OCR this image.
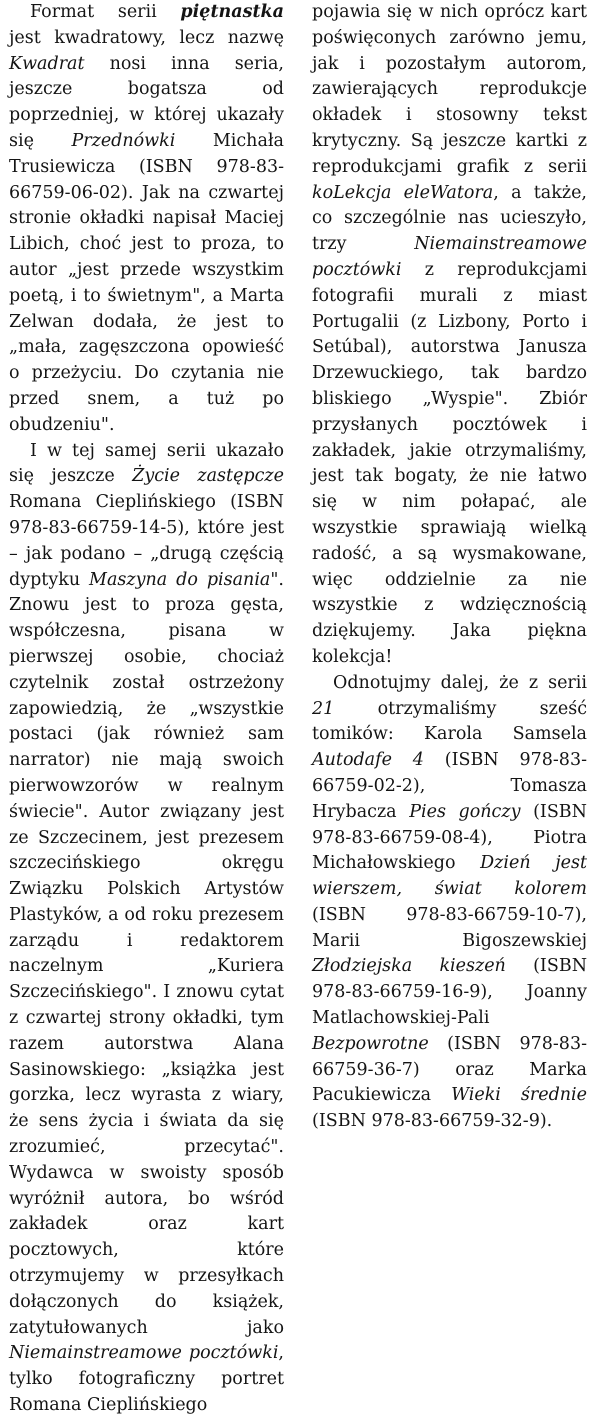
Format serii piętnastka jest kwadratowy, lecz nazwę Kwadrat nosi inna seria, jeszcze bogatsza od poprzedniej, w której ukazały się Przednówki Michała Trusiewicza (ISBN 978-83-66759-06-02). Jak na czwartej stronie okładki napisał Maciej Libich, choć jest to proza, to autor „jest przede wszystkim poetą, i to świetnym", a Marta Zelwan dodała, że jest to „mała, zagęszczona opowieść o przeżyciu. Do czytania nie przed snem, a tuż po obudzeniu".

I w tej samej serii ukazało się jeszcze Życie zastępcze Romana Cieplińskiego (ISBN 978-83-66759-14-5), które jest – jak podano – „drugą częścią dyptyku Maszyna do pisania". Znowu jest to proza gęsta, współczesna, pisana w pierwszej osobie, chociaż czytelnik został ostrzeżony zapowiedzią, że „wszystkie postaci (jak również sam narrator) nie mają swoich pierwowzorów w realnym świecie". Autor związany jest ze Szczecinem, jest prezesem szczecińskiego okręgu Związku Polskich Artystów Plastyków, a od roku prezesem zarządu i redaktorem naczelnym „Kuriera Szczecińskiego". I znowu cytat z czwartej strony okładki, tym razem autorstwa Alana Sasinowskiego: „książka jest gorzka, lecz wyrasta z wiary, że sens życia i świata da się zrozumieć, przecytać". Wydawca w swoisty sposób wyróżnił autora, bo wśród zakładek oraz kart pocztowych, które otrzymujemy w przesyłkach dołączonych do książek, zatytułowanych jako Niemainstreamowe pocztówki, tylko fotograficzny portret Romana Cieplińskiego

pojawia się w nich oprócz kart poświęconych zarówno jemu, jak i pozostałym autorom, zawierających reprodukcje okładek i stosowny tekst krytyczny. Są jeszcze kartki z reprodukcjami grafik z serii koLekcja eleWatora, a także, co szczególnie nas ucieszyło, trzy Niemainstreamowe pocztówki z reprodukcjami fotografii murali z miast Portugalii (z Lizbony, Porto i Setúbal), autorstwa Janusza Drzewuckiego, tak bardzo bliskiego „Wyspie". Zbiór przysłanych pocztówek i zakładek, jakie otrzymaliśmy, jest tak bogaty, że nie łatwo się w nim połapać, ale wszystkie sprawiają wielką radość, a są wysmakowane, więc oddzielnie za nie wszystkie z wdzięcznością dziękujemy. Jaka piękna kolekcja!

Odnotujmy dalej, że z serii 21 otrzymaliśmy sześć tomików: Karola Samsela Autodafe 4 (ISBN 978-83-66759-02-2), Tomasza Hrybacza Pies gończy (ISBN 978-83-66759-08-4), Piotra Michałowskiego Dzień jest wierszem, świat kolorem (ISBN 978-83-66759-10-7), Marii Bigoszewskiej Złodziejska kieszeń (ISBN 978-83-66759-16-9), Joanny Matlachowskiej-Pali Bezpowrotne (ISBN 978-83-66759-36-7) oraz Marka Pacukiewicza Wieki średnie (ISBN 978-83-66759-32-9).
